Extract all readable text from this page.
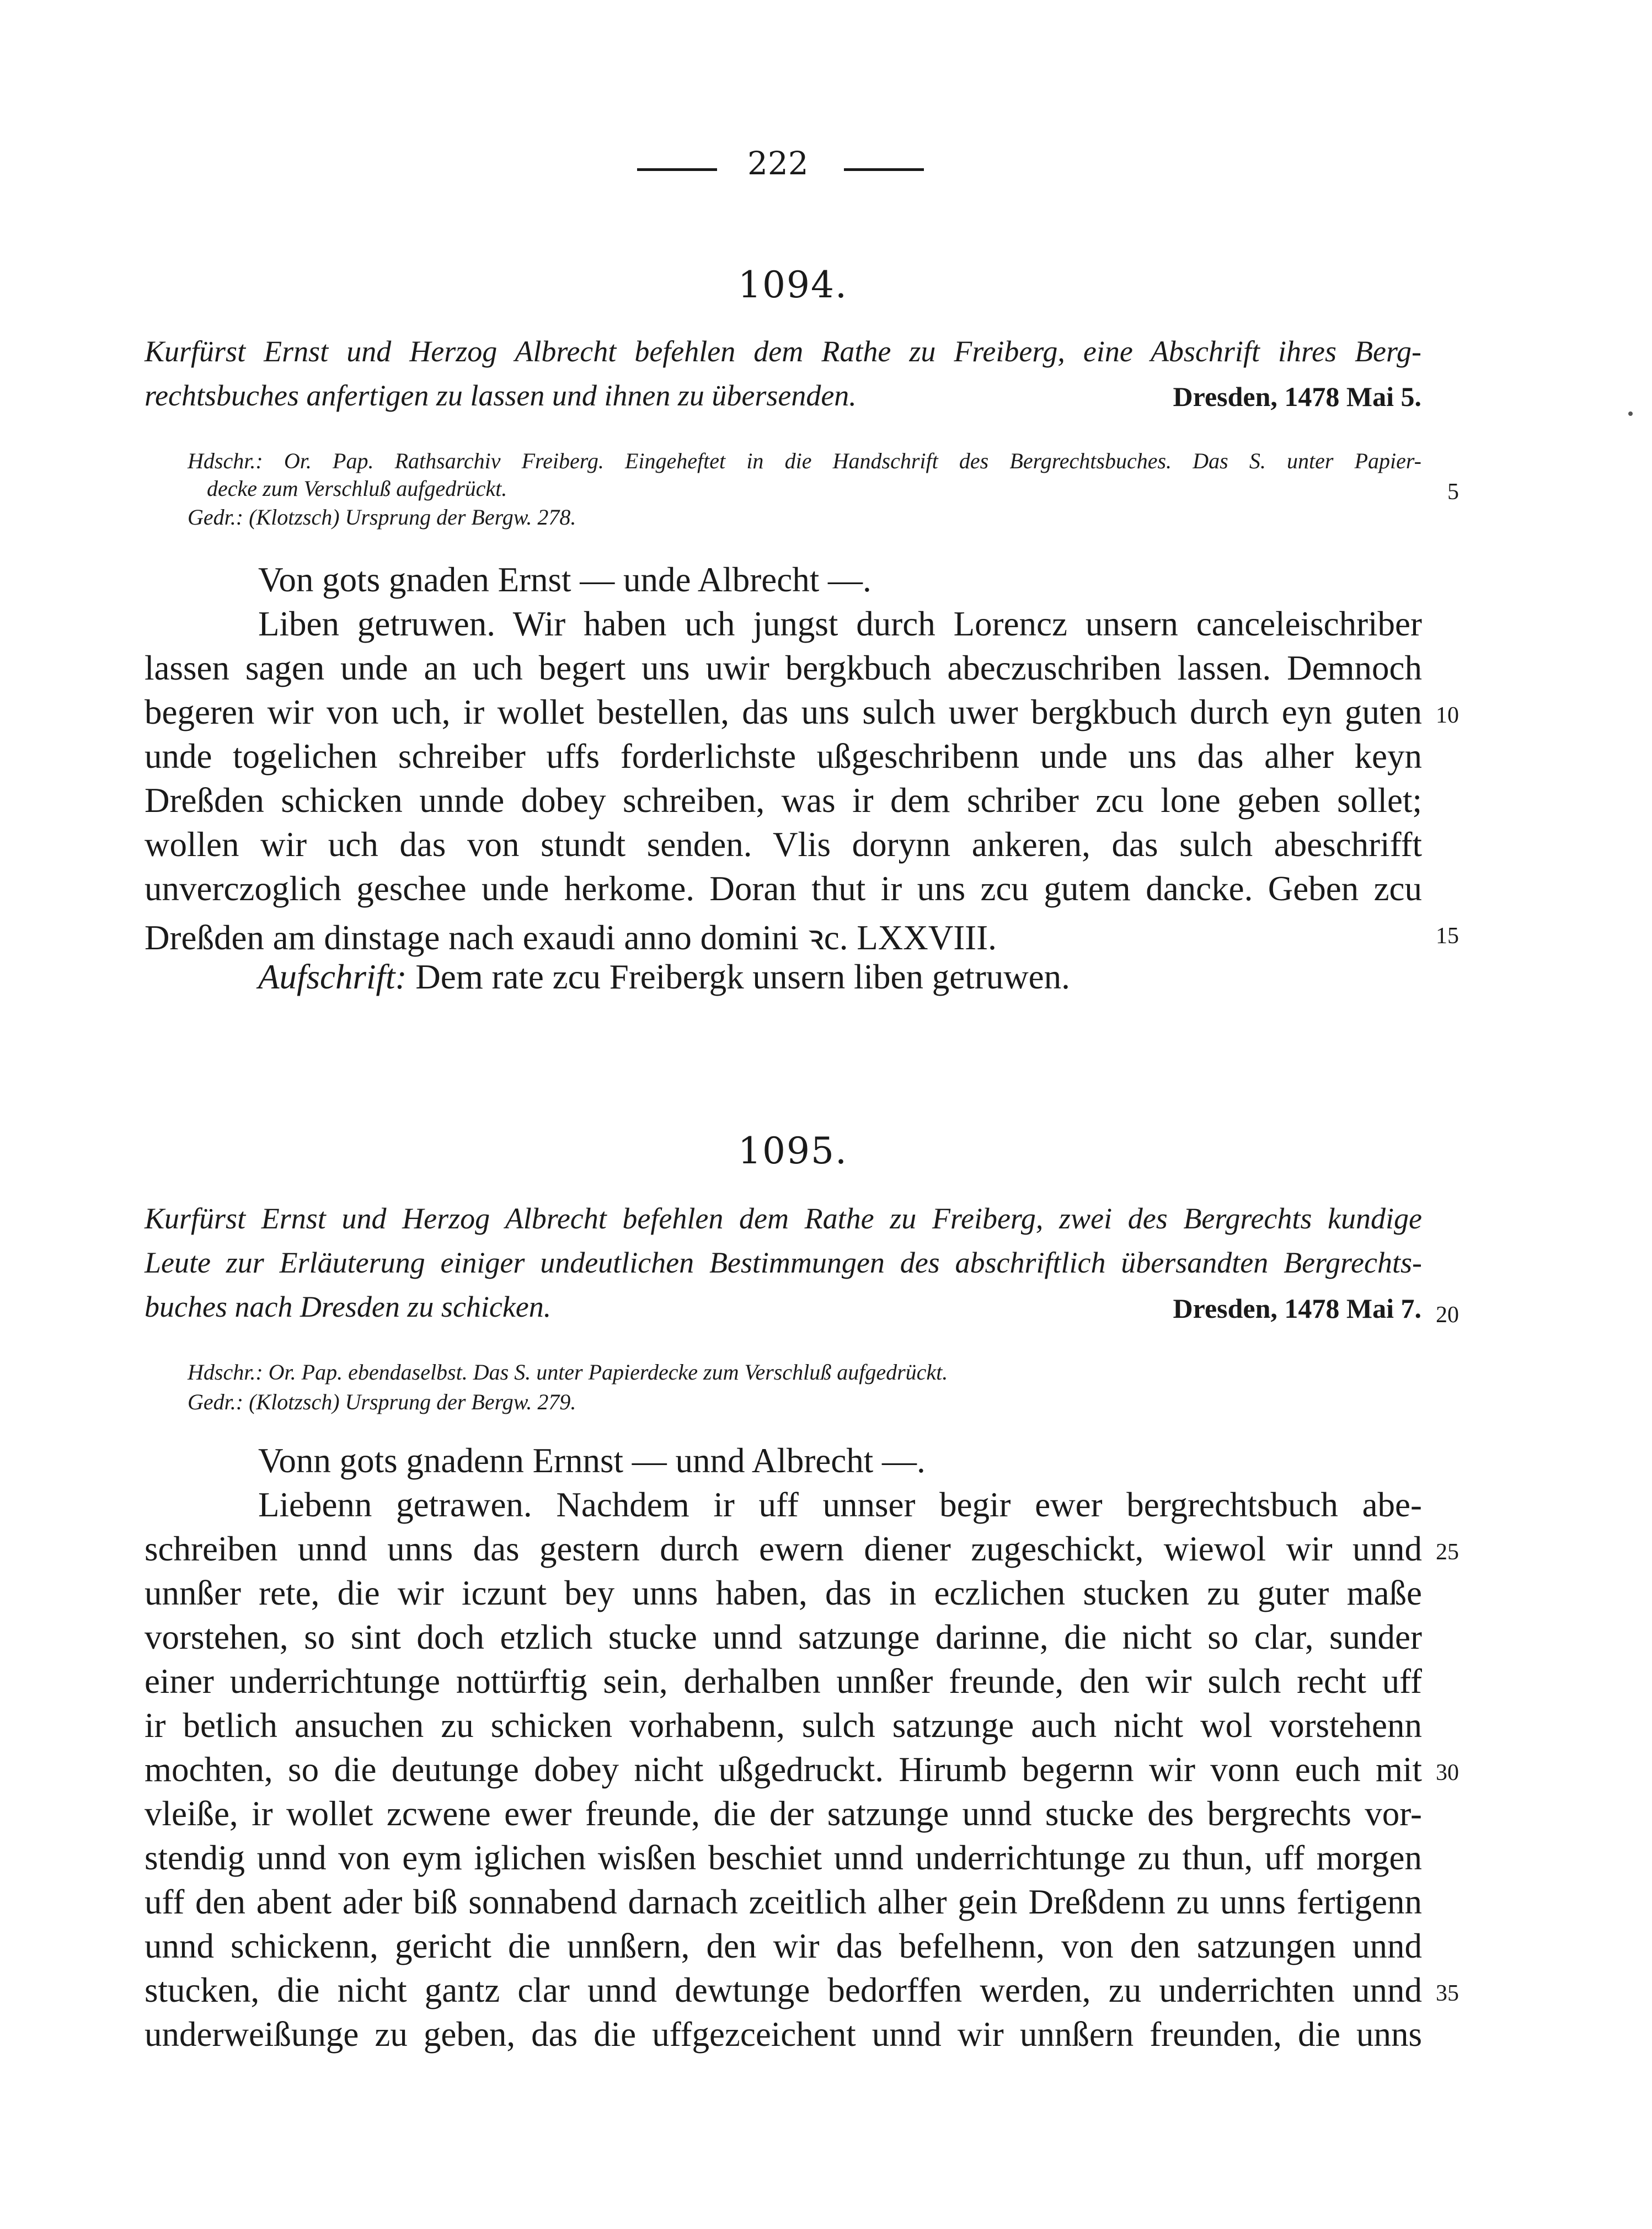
222
1094.
Kurfürst Ernst und Herzog Albrecht befehlen dem Rathe zu Freiberg, eine Abschrift ihres Berg-
rechtsbuches anfertigen zu lassen und ihnen zu übersenden.	Dresden, 1478 Mai 5.
Hdschr.: Or. Pap. Rathsarchiv Freiberg. Eingeheftet in die Handschrift des Bergrechtsbuches. Das S. unter Papier-
decke zum Verschluß aufgedrückt.
Gedr.: (Klotzsch) Ursprung der Bergw. 278.
Von gots gnaden Ernst — unde Albrecht —.
Liben getruwen. Wir haben uch jungst durch Lorencz unsern canceleischriber
lassen sagen unde an uch begert uns uwir bergkbuch abeczuschriben lassen. Demnoch
begeren wir von uch, ir wollet bestellen, das uns sulch uwer bergkbuch durch eyn guten
unde togelichen schreiber uffs forderlichste ußgeschribenn unde uns das alher keyn
Dreßden schicken unnde dobey schreiben, was ir dem schriber zcu lone geben sollet;
wollen wir uch das von stundt senden. Vlis dorynn ankeren, das sulch abeschrifft
unverczoglich geschee unde herkome. Doran thut ir uns zcu gutem dancke. Geben zcu
Dreßden am dinstage nach exaudi anno domini ꝛc. LXXVIII.
Aufschrift: Dem rate zcu Freibergk unsern liben getruwen.
1095.
Kurfürst Ernst und Herzog Albrecht befehlen dem Rathe zu Freiberg, zwei des Bergrechts kundige
Leute zur Erläuterung einiger undeutlichen Bestimmungen des abschriftlich übersandten Bergrechts-
buches nach Dresden zu schicken.	Dresden, 1478 Mai 7.
Hdschr.: Or. Pap. ebendaselbst. Das S. unter Papierdecke zum Verschluß aufgedrückt.
Gedr.: (Klotzsch) Ursprung der Bergw. 279.
Vonn gots gnadenn Ernnst — unnd Albrecht —.
Liebenn getrawen. Nachdem ir uff unnser begir ewer bergrechtsbuch abe-
schreiben unnd unns das gestern durch ewern diener zugeschickt, wiewol wir unnd
unnßer rete, die wir iczunt bey unns haben, das in eczlichen stucken zu guter maße
vorstehen, so sint doch etzlich stucke unnd satzunge darinne, die nicht so clar, sunder
einer underrichtunge nottürftig sein, derhalben unnßer freunde, den wir sulch recht uff
ir betlich ansuchen zu schicken vorhabenn, sulch satzunge auch nicht wol vorstehenn
mochten, so die deutunge dobey nicht ußgedruckt. Hirumb begernn wir vonn euch mit
vleiße, ir wollet zcwene ewer freunde, die der satzunge unnd stucke des bergrechts vor-
stendig unnd von eym iglichen wisßen beschiet unnd underrichtunge zu thun, uff morgen
uff den abent ader biß sonnabend darnach zceitlich alher gein Dreßdenn zu unns fertigenn
unnd schickenn, gericht die unnßern, den wir das befelhenn, von den satzungen unnd
stucken, die nicht gantz clar unnd dewtunge bedorffen werden, zu underrichten unnd
underweißunge zu geben, das die uffgezceichent unnd wir unnßern freunden, die unns
5
10
15
20
25
30
35
